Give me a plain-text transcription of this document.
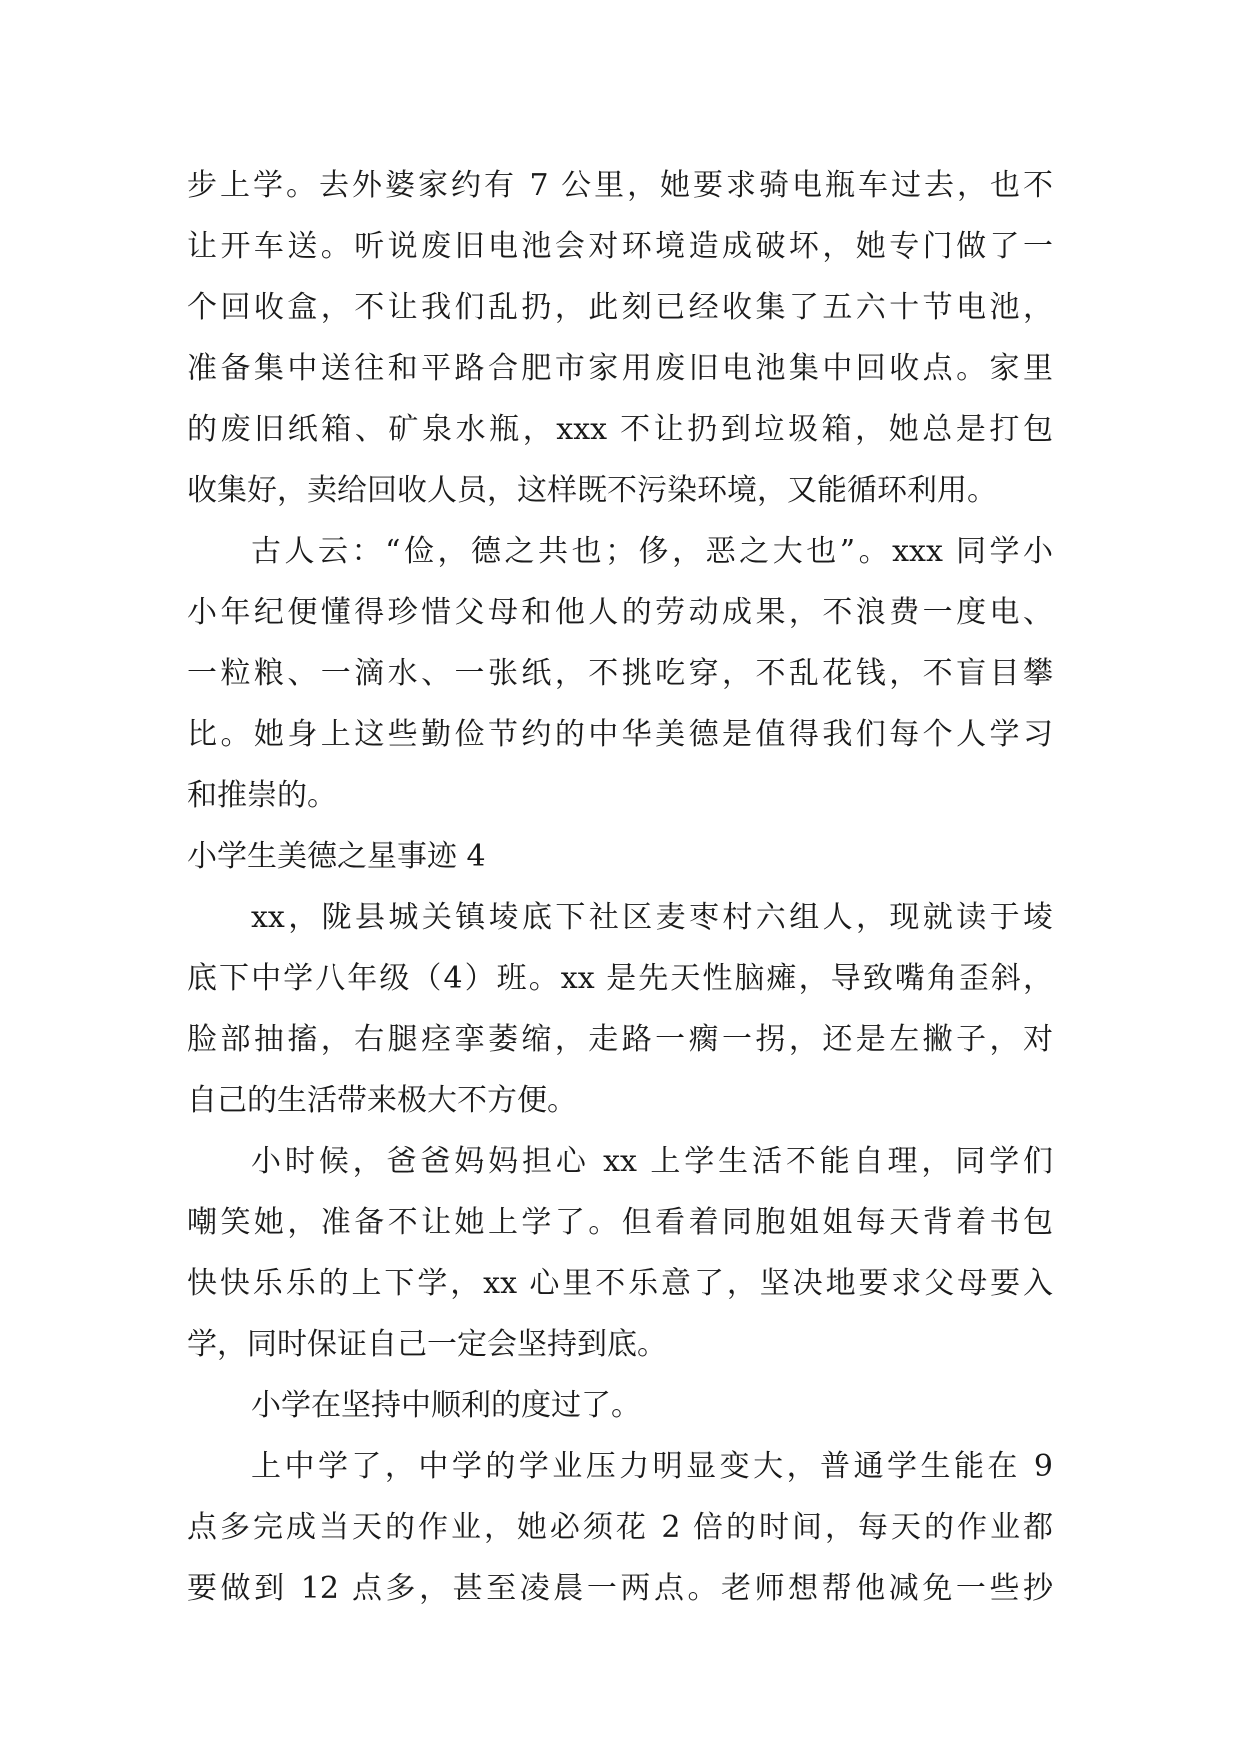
步上学。去外婆家约有 7 公里，她要求骑电瓶车过去，也不
让开车送。听说废旧电池会对环境造成破坏，她专门做了一
个回收盒，不让我们乱扔，此刻已经收集了五六十节电池，
准备集中送往和平路合肥市家用废旧电池集中回收点。家里
的废旧纸箱、矿泉水瓶，xxx 不让扔到垃圾箱，她总是打包
收集好，卖给回收人员，这样既不污染环境，又能循环利用。
古人云：“俭，德之共也；侈，恶之大也”。xxx 同学小
小年纪便懂得珍惜父母和他人的劳动成果，不浪费一度电、
一粒粮、一滴水、一张纸，不挑吃穿，不乱花钱，不盲目攀
比。她身上这些勤俭节约的中华美德是值得我们每个人学习
和推崇的。
小学生美德之星事迹 4
xx，陇县城关镇堎底下社区麦枣村六组人，现就读于堎
底下中学八年级（4）班。xx 是先天性脑瘫，导致嘴角歪斜，
脸部抽搐，右腿痉挛萎缩，走路一瘸一拐，还是左撇子，对
自己的生活带来极大不方便。
小时候，爸爸妈妈担心 xx 上学生活不能自理，同学们
嘲笑她，准备不让她上学了。但看着同胞姐姐每天背着书包
快快乐乐的上下学，xx 心里不乐意了，坚决地要求父母要入
学，同时保证自己一定会坚持到底。
小学在坚持中顺利的度过了。
上中学了，中学的学业压力明显变大，普通学生能在 9
点多完成当天的作业，她必须花 2 倍的时间，每天的作业都
要做到 12 点多，甚至凌晨一两点。老师想帮他减免一些抄
